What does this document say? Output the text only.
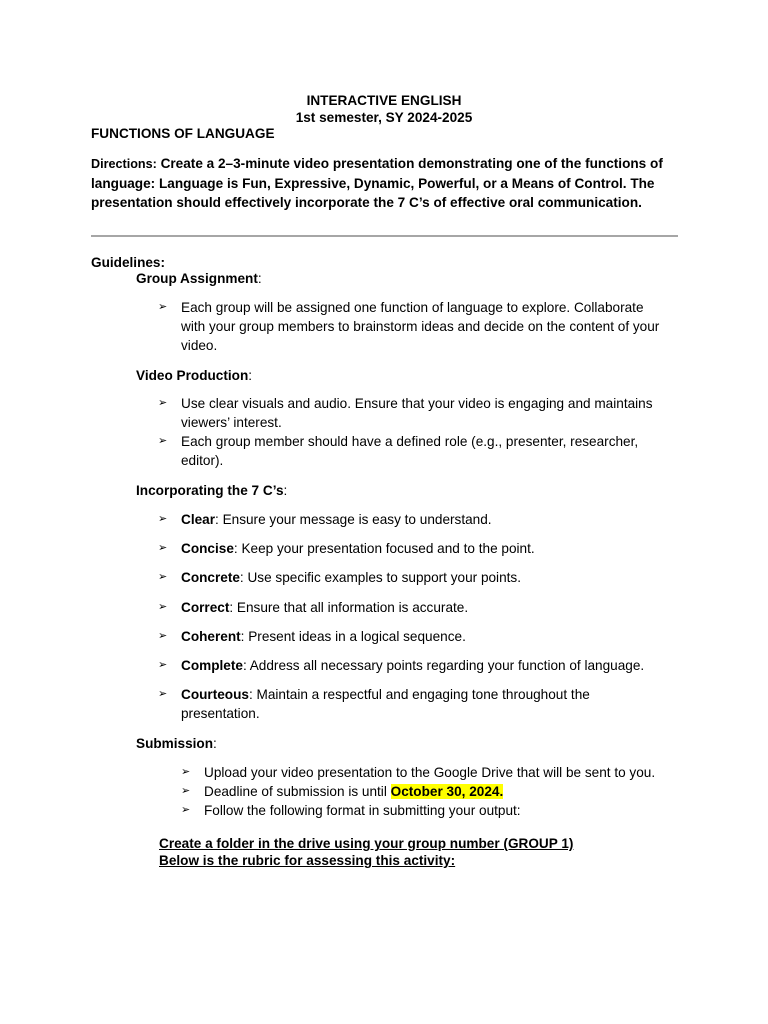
INTERACTIVE ENGLISH
1st semester, SY 2024-2025
FUNCTIONS OF LANGUAGE
Directions: Create a 2–3-minute video presentation demonstrating one of the functions of
language: Language is Fun, Expressive, Dynamic, Powerful, or a Means of Control. The
presentation should effectively incorporate the 7 C’s of effective oral communication.
Guidelines:
Group Assignment:
➢ Each group will be assigned one function of language to explore. Collaborate
with your group members to brainstorm ideas and decide on the content of your
video.
Video Production:
➢ Use clear visuals and audio. Ensure that your video is engaging and maintains
viewers’ interest.
➢ Each group member should have a defined role (e.g., presenter, researcher,
editor).
Incorporating the 7 C’s:
➢ Clear: Ensure your message is easy to understand.
➢ Concise: Keep your presentation focused and to the point.
➢ Concrete: Use specific examples to support your points.
➢ Correct: Ensure that all information is accurate.
➢ Coherent: Present ideas in a logical sequence.
➢ Complete: Address all necessary points regarding your function of language.
➢ Courteous: Maintain a respectful and engaging tone throughout the
presentation.
Submission:
➢ Upload your video presentation to the Google Drive that will be sent to you.
➢ Deadline of submission is until October 30, 2024.
➢ Follow the following format in submitting your output:
Create a folder in the drive using your group number (GROUP 1)
Below is the rubric for assessing this activity:
